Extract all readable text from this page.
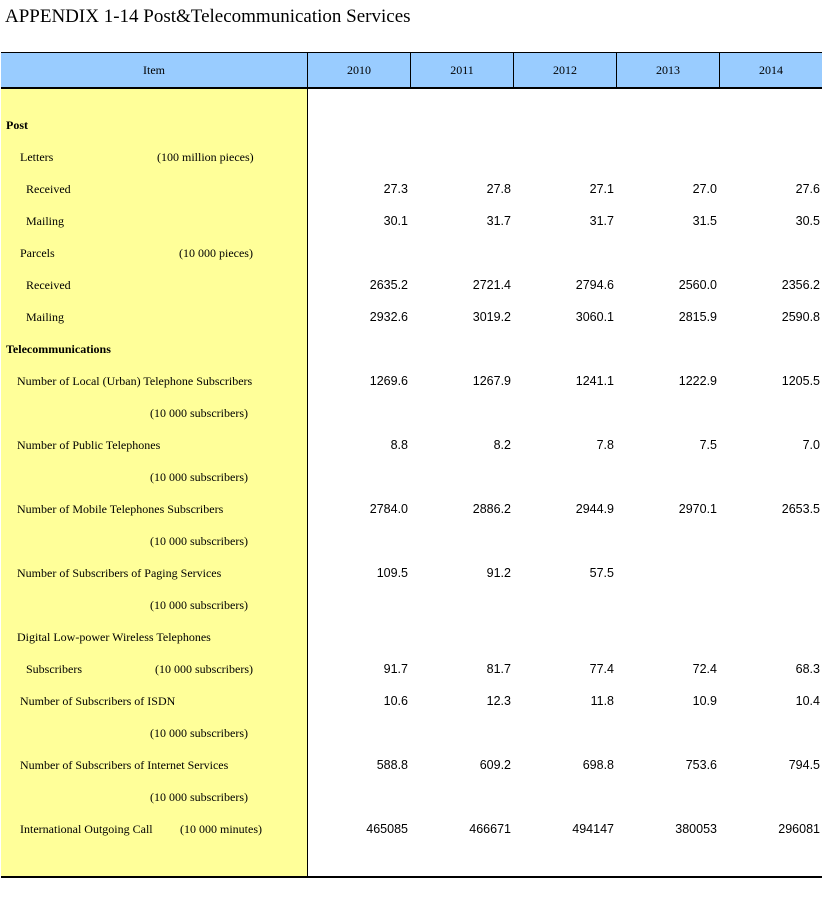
APPENDIX 1-14 Post&Telecommunication Services
Item	2010	2011	2012	2013	2014
Post
Letters	(100 million pieces)
Received	27.3	27.8	27.1	27.0	27.6
Mailing	30.1	31.7	31.7	31.5	30.5
Parcels	(10 000 pieces)
Received	2635.2	2721.4	2794.6	2560.0	2356.2
Mailing	2932.6	3019.2	3060.1	2815.9	2590.8
Telecommunications
Number of Local (Urban) Telephone Subscribers	1269.6	1267.9	1241.1	1222.9	1205.5
(10 000 subscribers)
Number of Public Telephones	8.8	8.2	7.8	7.5	7.0
(10 000 subscribers)
Number of Mobile Telephones Subscribers	2784.0	2886.2	2944.9	2970.1	2653.5
(10 000 subscribers)
Number of Subscribers of Paging Services	109.5	91.2	57.5
(10 000 subscribers)
Digital Low-power Wireless Telephones
Subscribers	(10 000 subscribers)	91.7	81.7	77.4	72.4	68.3
Number of Subscribers of ISDN	10.6	12.3	11.8	10.9	10.4
(10 000 subscribers)
Number of Subscribers of Internet Services	588.8	609.2	698.8	753.6	794.5
(10 000 subscribers)
International Outgoing Call (10 000 minutes)	465085	466671	494147	380053	296081
